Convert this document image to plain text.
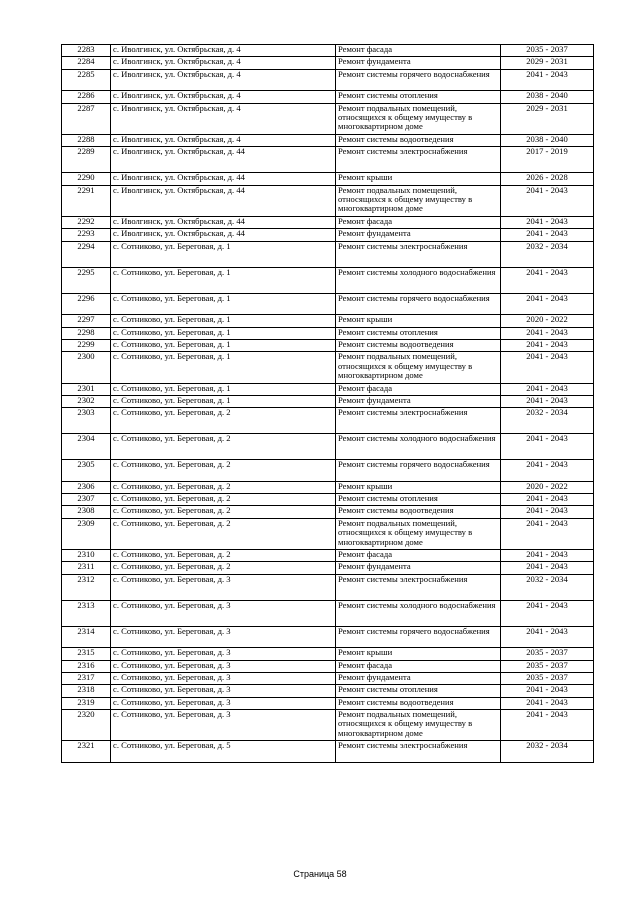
2283	с. Иволгинск, ул. Октябрьская, д. 4	Ремонт фасада	2035 - 2037
2284	с. Иволгинск, ул. Октябрьская, д. 4	Ремонт фундамента	2029 - 2031
2285	с. Иволгинск, ул. Октябрьская, д. 4	Ремонт системы горячего водоснабжения	2041 - 2043
2286	с. Иволгинск, ул. Октябрьская, д. 4	Ремонт системы отопления	2038 - 2040
2287	с. Иволгинск, ул. Октябрьская, д. 4	Ремонт подвальных помещений, относящихся к общему имуществу в многоквартирном доме	2029 - 2031
2288	с. Иволгинск, ул. Октябрьская, д. 4	Ремонт системы водоотведения	2038 - 2040
2289	с. Иволгинск, ул. Октябрьская, д. 44	Ремонт системы электроснабжения	2017 - 2019
2290	с. Иволгинск, ул. Октябрьская, д. 44	Ремонт крыши	2026 - 2028
2291	с. Иволгинск, ул. Октябрьская, д. 44	Ремонт подвальных помещений, относящихся к общему имуществу в многоквартирном доме	2041 - 2043
2292	с. Иволгинск, ул. Октябрьская, д. 44	Ремонт фасада	2041 - 2043
2293	с. Иволгинск, ул. Октябрьская, д. 44	Ремонт фундамента	2041 - 2043
2294	с. Сотниково, ул. Береговая, д. 1	Ремонт системы электроснабжения	2032 - 2034
2295	с. Сотниково, ул. Береговая, д. 1	Ремонт системы холодного водоснабжения	2041 - 2043
2296	с. Сотниково, ул. Береговая, д. 1	Ремонт системы горячего водоснабжения	2041 - 2043
2297	с. Сотниково, ул. Береговая, д. 1	Ремонт крыши	2020 - 2022
2298	с. Сотниково, ул. Береговая, д. 1	Ремонт системы отопления	2041 - 2043
2299	с. Сотниково, ул. Береговая, д. 1	Ремонт системы водоотведения	2041 - 2043
2300	с. Сотниково, ул. Береговая, д. 1	Ремонт подвальных помещений, относящихся к общему имуществу в многоквартирном доме	2041 - 2043
2301	с. Сотниково, ул. Береговая, д. 1	Ремонт фасада	2041 - 2043
2302	с. Сотниково, ул. Береговая, д. 1	Ремонт фундамента	2041 - 2043
2303	с. Сотниково, ул. Береговая, д. 2	Ремонт системы электроснабжения	2032 - 2034
2304	с. Сотниково, ул. Береговая, д. 2	Ремонт системы холодного водоснабжения	2041 - 2043
2305	с. Сотниково, ул. Береговая, д. 2	Ремонт системы горячего водоснабжения	2041 - 2043
2306	с. Сотниково, ул. Береговая, д. 2	Ремонт крыши	2020 - 2022
2307	с. Сотниково, ул. Береговая, д. 2	Ремонт системы отопления	2041 - 2043
2308	с. Сотниково, ул. Береговая, д. 2	Ремонт системы водоотведения	2041 - 2043
2309	с. Сотниково, ул. Береговая, д. 2	Ремонт подвальных помещений, относящихся к общему имуществу в многоквартирном доме	2041 - 2043
2310	с. Сотниково, ул. Береговая, д. 2	Ремонт фасада	2041 - 2043
2311	с. Сотниково, ул. Береговая, д. 2	Ремонт фундамента	2041 - 2043
2312	с. Сотниково, ул. Береговая, д. 3	Ремонт системы электроснабжения	2032 - 2034
2313	с. Сотниково, ул. Береговая, д. 3	Ремонт системы холодного водоснабжения	2041 - 2043
2314	с. Сотниково, ул. Береговая, д. 3	Ремонт системы горячего водоснабжения	2041 - 2043
2315	с. Сотниково, ул. Береговая, д. 3	Ремонт крыши	2035 - 2037
2316	с. Сотниково, ул. Береговая, д. 3	Ремонт фасада	2035 - 2037
2317	с. Сотниково, ул. Береговая, д. 3	Ремонт фундамента	2035 - 2037
2318	с. Сотниково, ул. Береговая, д. 3	Ремонт системы отопления	2041 - 2043
2319	с. Сотниково, ул. Береговая, д. 3	Ремонт системы водоотведения	2041 - 2043
2320	с. Сотниково, ул. Береговая, д. 3	Ремонт подвальных помещений, относящихся к общему имуществу в многоквартирном доме	2041 - 2043
2321	с. Сотниково, ул. Береговая, д. 5	Ремонт системы электроснабжения	2032 - 2034
Страница 58
